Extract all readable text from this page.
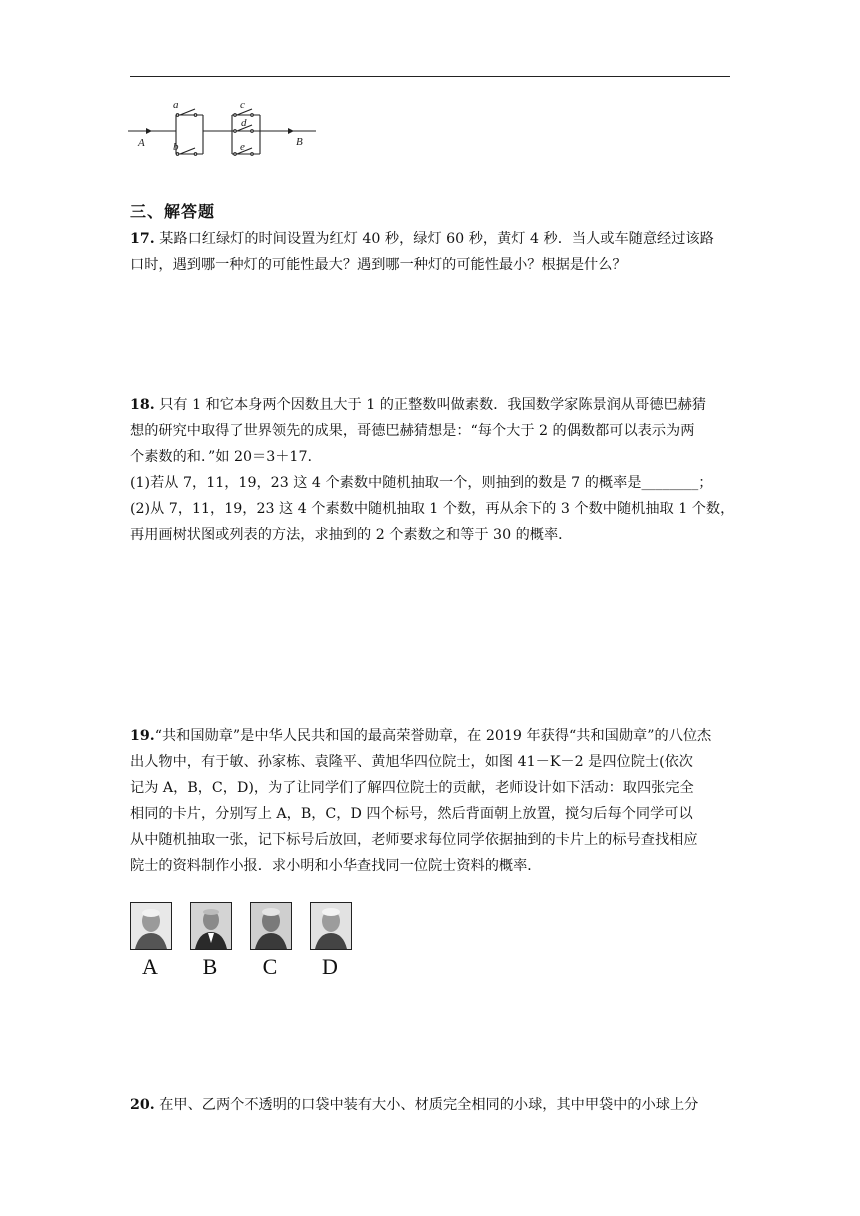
a
b
c
d
e
A	B
三、解答题
17. 某路口红绿灯的时间设置为红灯 40 秒，绿灯 60 秒，黄灯 4 秒．当人或车随意经过该路
口时，遇到哪一种灯的可能性最大？遇到哪一种灯的可能性最小？根据是什么？
18. 只有 1 和它本身两个因数且大于 1 的正整数叫做素数．我国数学家陈景润从哥德巴赫猜
想的研究中取得了世界领先的成果，哥德巴赫猜想是：“每个大于 2 的偶数都可以表示为两
个素数的和．”如 20＝3＋17.
(1)若从 7，11，19，23 这 4 个素数中随机抽取一个，则抽到的数是 7 的概率是________；
(2)从 7，11，19，23 这 4 个素数中随机抽取 1 个数，再从余下的 3 个数中随机抽取 1 个数，
再用画树状图或列表的方法，求抽到的 2 个素数之和等于 30 的概率．
19.“共和国勋章”是中华人民共和国的最高荣誉勋章，在 2019 年获得“共和国勋章”的八位杰
出人物中，有于敏、孙家栋、袁隆平、黄旭华四位院士，如图 41－K－2 是四位院士(依次
记为 A，B，C，D)，为了让同学们了解四位院士的贡献，老师设计如下活动：取四张完全
相同的卡片，分别写上 A，B，C，D 四个标号，然后背面朝上放置，搅匀后每个同学可以
从中随机抽取一张，记下标号后放回，老师要求每位同学依据抽到的卡片上的标号查找相应
院士的资料制作小报．求小明和小华查找同一位院士资料的概率．
A	B	C	D
20. 在甲、乙两个不透明的口袋中装有大小、材质完全相同的小球，其中甲袋中的小球上分
